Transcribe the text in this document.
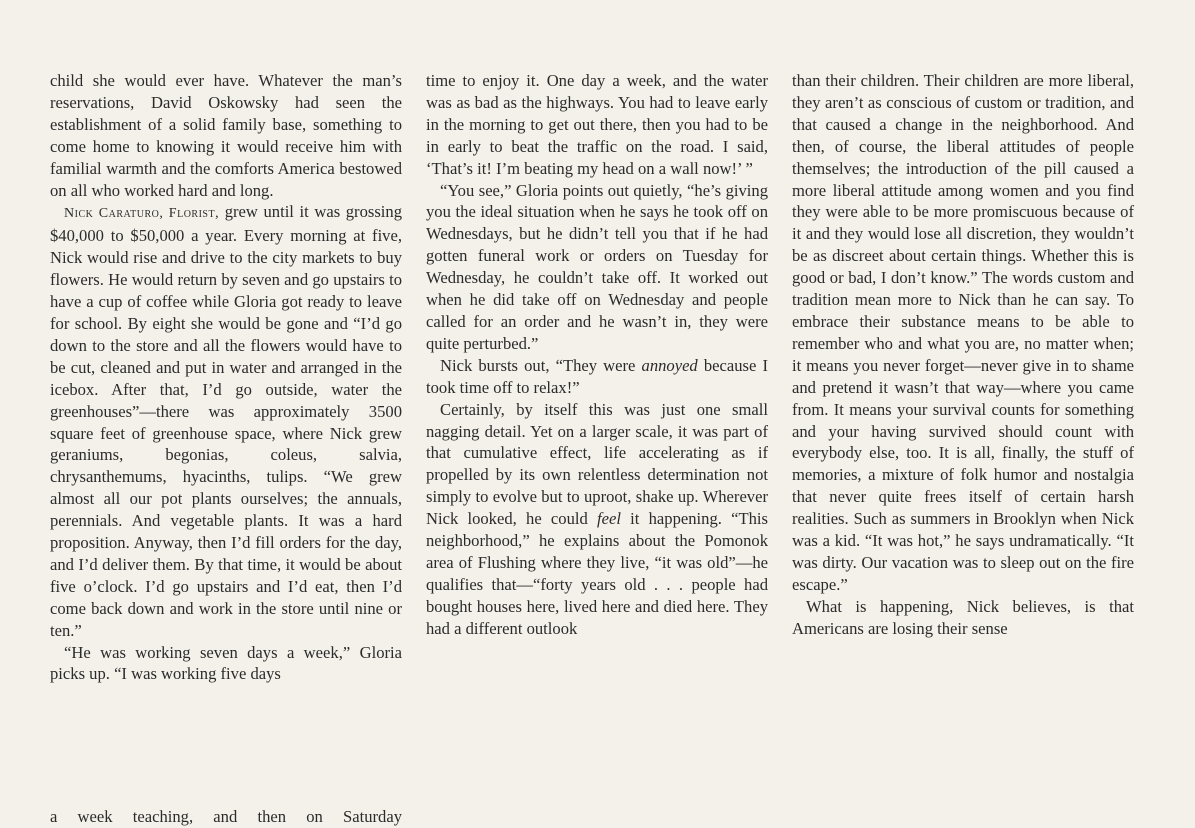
child she would ever have. Whatever the man’s reservations, David Oskowsky had seen the establishment of a solid family base, something to come home to knowing it would receive him with familial warmth and the comforts America bestowed on all who worked hard and long.

Nick Caraturo, Florist, grew until it was grossing $40,000 to $50,000 a year. Every morning at five, Nick would rise and drive to the city markets to buy flowers. He would return by seven and go upstairs to have a cup of coffee while Gloria got ready to leave for school. By eight she would be gone and “I’d go down to the store and all the flowers would have to be cut, cleaned and put in water and arranged in the icebox. After that, I’d go outside, water the greenhouses”—there was approximately 3500 square feet of greenhouse space, where Nick grew geraniums, begonias, coleus, salvia, chrysanthemums, hyacinths, tulips. “We grew almost all our pot plants ourselves; the annuals, perennials. And vegetable plants. It was a hard proposition. Anyway, then I’d fill orders for the day, and I’d deliver them. By that time, it would be about five o’clock. I’d go upstairs and I’d eat, then I’d come back down and work in the store until nine or ten.”

“He was working seven days a week,” Gloria picks up. “I was working five days

a week teaching, and then on Saturday

time to enjoy it. One day a week, and the water was as bad as the highways. You had to leave early in the morning to get out there, then you had to be in early to beat the traffic on the road. I said, ‘That’s it! I’m beating my head on a wall now!’ ”

“You see,” Gloria points out quietly, “he’s giving you the ideal situation when he says he took off on Wednesdays, but he didn’t tell you that if he had gotten funeral work or orders on Tuesday for Wednesday, he couldn’t take off. It worked out when he did take off on Wednesday and people called for an order and he wasn’t in, they were quite perturbed.”

Nick bursts out, “They were annoyed because I took time off to relax!”

Certainly, by itself this was just one small nagging detail. Yet on a larger scale, it was part of that cumulative effect, life accelerating as if propelled by its own relentless determination not simply to evolve but to uproot, shake up. Wherever Nick looked, he could feel it happening. “This neighborhood,” he explains about the Pomonok area of Flushing where they live, “it was old”—he qualifies that—“forty years old . . . people had bought houses here, lived here and died here. They had a different outlook

than their children. Their children are more liberal, they aren’t as conscious of custom or tradition, and that caused a change in the neighborhood. And then, of course, the liberal attitudes of people themselves; the introduction of the pill caused a more liberal attitude among women and you find they were able to be more promiscuous because of it and they would lose all discretion, they wouldn’t be as discreet about certain things. Whether this is good or bad, I don’t know.” The words custom and tradition mean more to Nick than he can say. To embrace their substance means to be able to remember who and what you are, no matter when; it means you never forget—never give in to shame and pretend it wasn’t that way—where you came from. It means your survival counts for something and your having survived should count with everybody else, too. It is all, finally, the stuff of memories, a mixture of folk humor and nostalgia that never quite frees itself of certain harsh realities. Such as summers in Brooklyn when Nick was a kid. “It was hot,” he says undramatically. “It was dirty. Our vacation was to sleep out on the fire escape.”

What is happening, Nick believes, is that Americans are losing their sense
